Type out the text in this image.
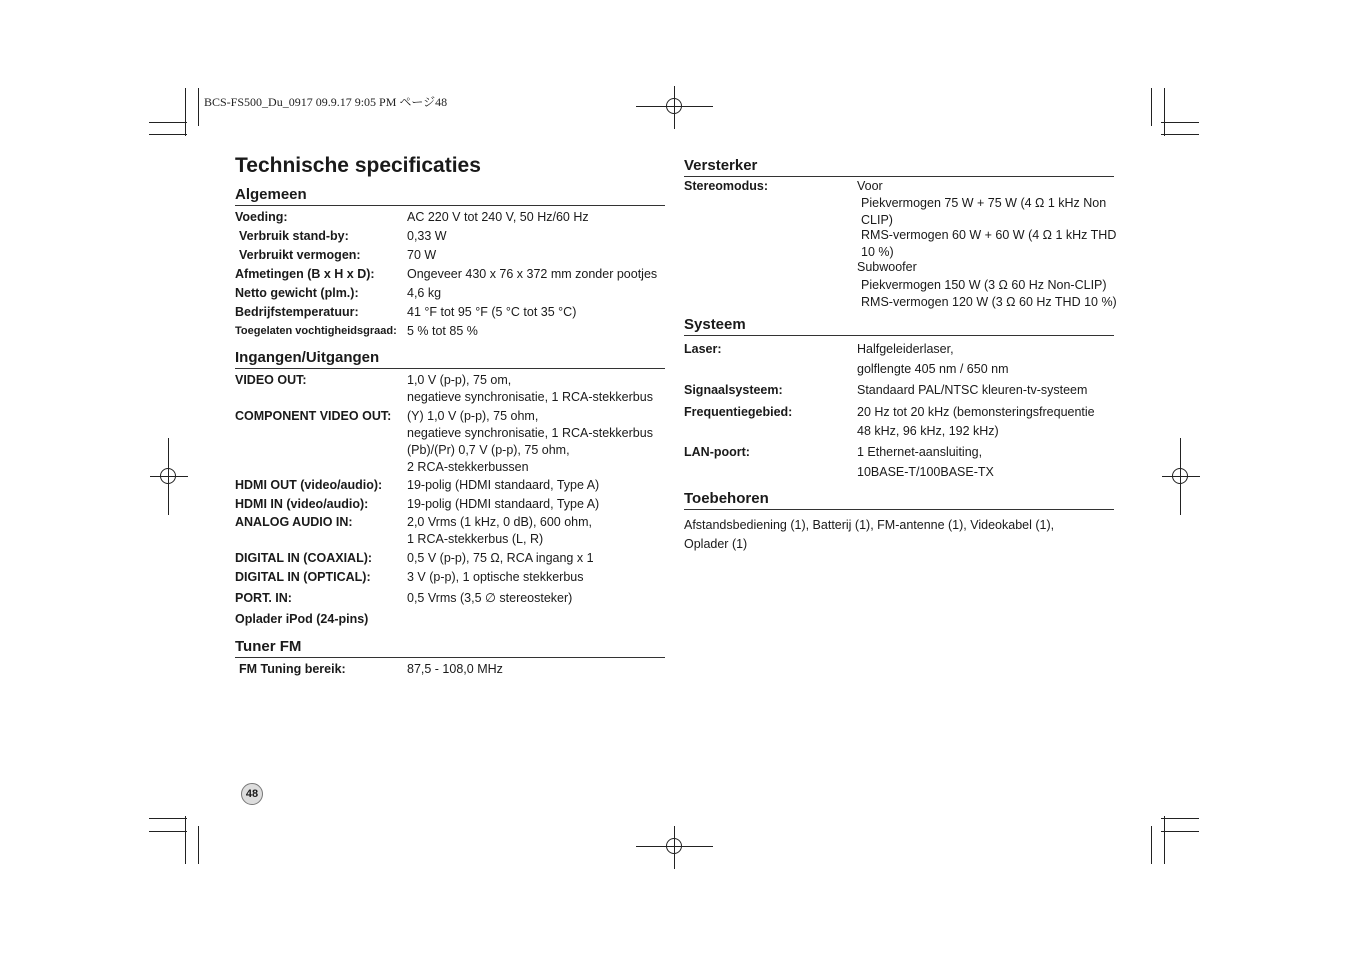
BCS-FS500_Du_0917 09.9.17 9:05 PM ページ48
Technische specificaties
Algemeen
Voeding:	AC 220 V tot 240 V, 50 Hz/60 Hz
Verbruik stand-by:	0,33 W
Verbruikt vermogen:	70 W
Afmetingen (B x H x D):	Ongeveer 430 x 76 x 372 mm zonder pootjes
Netto gewicht (plm.):	4,6 kg
Bedrijfstemperatuur:	41 °F tot 95 °F (5 °C tot 35 °C)
Toegelaten vochtigheidsgraad: 5 % tot 85 %
Ingangen/Uitgangen
VIDEO OUT:	1,0 V (p-p), 75 om,
negatieve synchronisatie, 1 RCA-stekkerbus
COMPONENT VIDEO OUT: (Y) 1,0 V (p-p), 75 ohm,
negatieve synchronisatie, 1 RCA-stekkerbus
(Pb)/(Pr) 0,7 V (p-p), 75 ohm,
2 RCA-stekkerbussen
HDMI OUT (video/audio): 19-polig (HDMI standaard, Type A)
HDMI IN (video/audio):	19-polig (HDMI standaard, Type A)
ANALOG AUDIO IN:	2,0 Vrms (1 kHz, 0 dB), 600 ohm,
1 RCA-stekkerbus (L, R)
DIGITAL IN (COAXIAL):	0,5 V (p-p), 75 Ω, RCA ingang x 1
DIGITAL IN (OPTICAL):	3 V (p-p), 1 optische stekkerbus
PORT. IN:	0,5 Vrms (3,5 ∅ stereosteker)
Oplader iPod (24-pins)
Tuner FM
FM Tuning bereik:	87,5 - 108,0 MHz
Versterker
Stereomodus:	Voor
Piekvermogen 75 W + 75 W (4 Ω 1 kHz Non
CLIP)
RMS-vermogen 60 W + 60 W (4 Ω 1 kHz THD
10 %)
Subwoofer
Piekvermogen 150 W (3 Ω 60 Hz Non-CLIP)
RMS-vermogen 120 W (3 Ω 60 Hz THD 10 %)
Systeem
Laser:	Halfgeleiderlaser,
golflengte 405 nm / 650 nm
Signaalsysteem:	Standaard PAL/NTSC kleuren-tv-systeem
Frequentiegebied:	20 Hz tot 20 kHz (bemonsteringsfrequentie
48 kHz, 96 kHz, 192 kHz)
LAN-poort:	1 Ethernet-aansluiting,
10BASE-T/100BASE-TX
Toebehoren
Afstandsbediening (1), Batterij (1), FM-antenne (1), Videokabel (1),
Oplader (1)
48
